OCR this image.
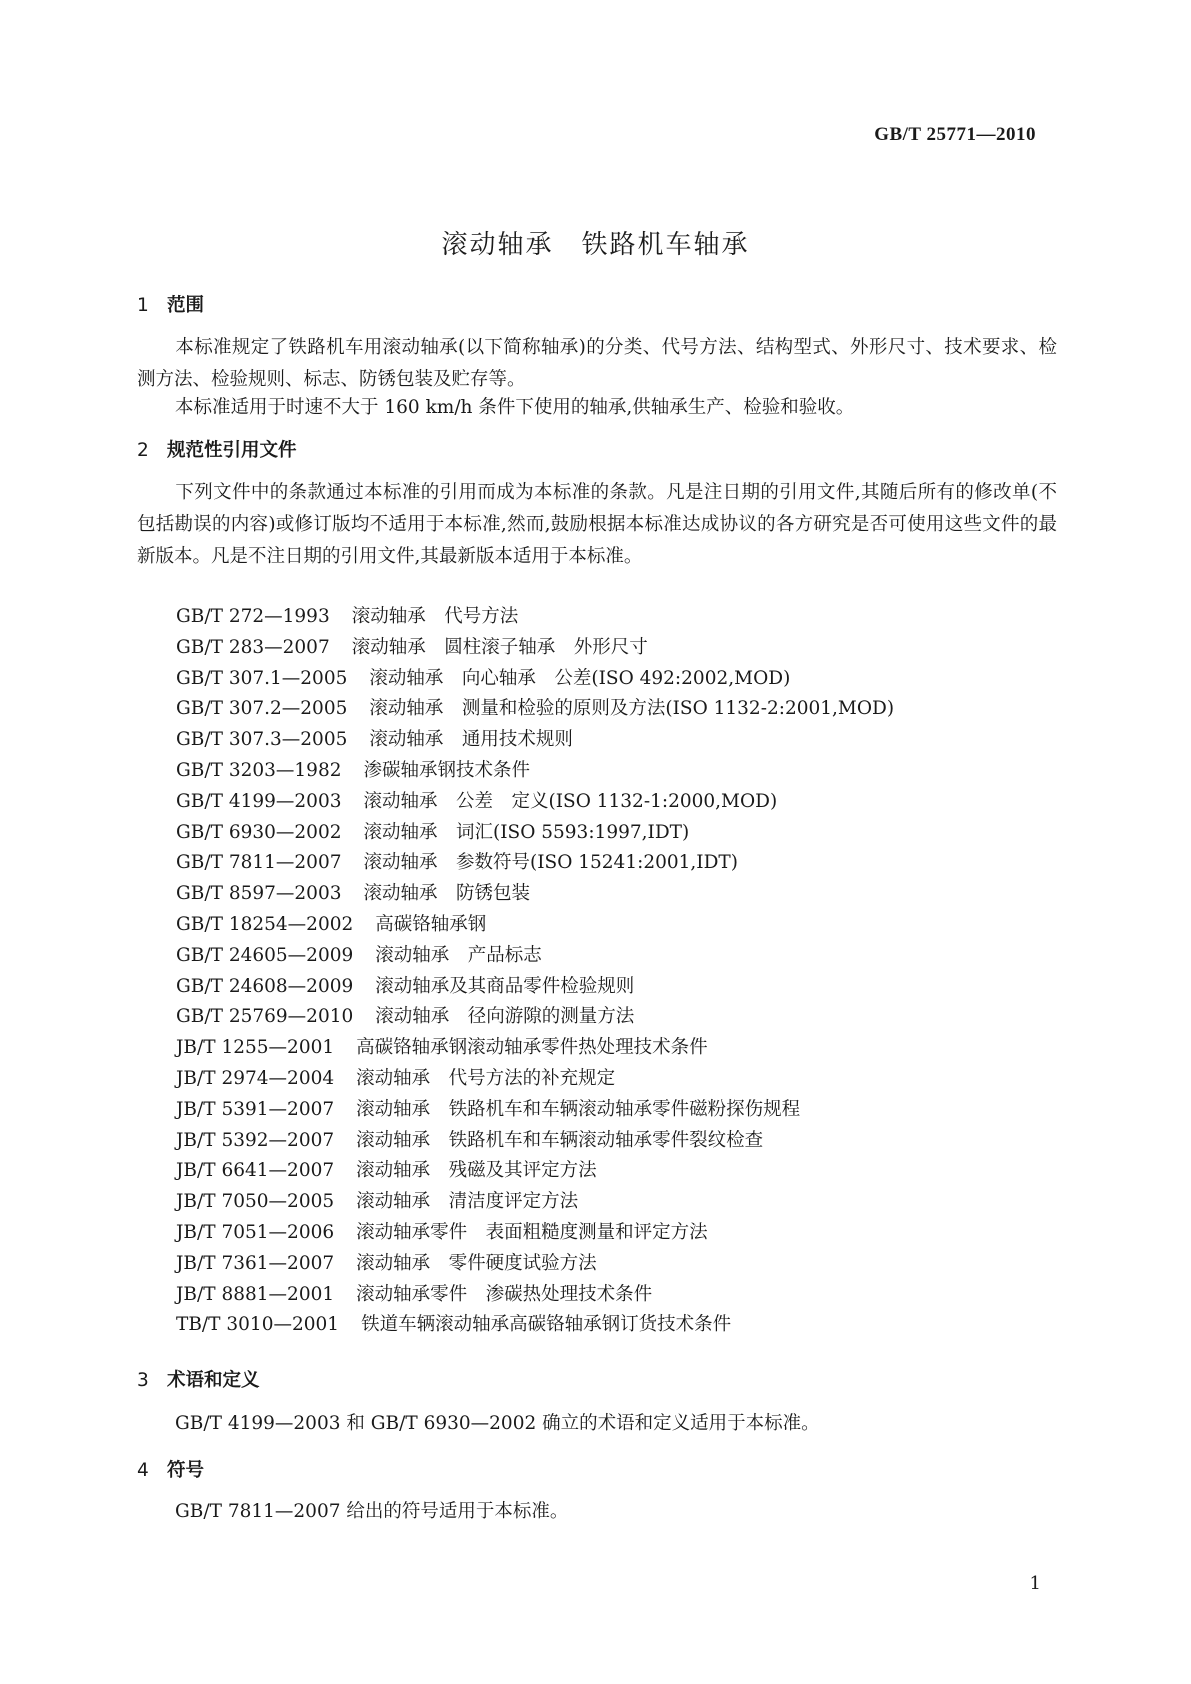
GB/T 25771—2010
滚动轴承　铁路机车轴承
1 范围
本标准规定了铁路机车用滚动轴承(以下简称轴承)的分类、代号方法、结构型式、外形尺寸、技术要求、检测方法、检验规则、标志、防锈包装及贮存等。
本标准适用于时速不大于 160 km/h 条件下使用的轴承,供轴承生产、检验和验收。
2 规范性引用文件
下列文件中的条款通过本标准的引用而成为本标准的条款。凡是注日期的引用文件,其随后所有的修改单(不包括勘误的内容)或修订版均不适用于本标准,然而,鼓励根据本标准达成协议的各方研究是否可使用这些文件的最新版本。凡是不注日期的引用文件,其最新版本适用于本标准。
GB/T 272—1993 滚动轴承　代号方法
GB/T 283—2007 滚动轴承　圆柱滚子轴承　外形尺寸
GB/T 307.1—2005 滚动轴承　向心轴承　公差(ISO 492:2002,MOD)
GB/T 307.2—2005 滚动轴承　测量和检验的原则及方法(ISO 1132-2:2001,MOD)
GB/T 307.3—2005 滚动轴承　通用技术规则
GB/T 3203—1982 渗碳轴承钢技术条件
GB/T 4199—2003 滚动轴承　公差　定义(ISO 1132-1:2000,MOD)
GB/T 6930—2002 滚动轴承　词汇(ISO 5593:1997,IDT)
GB/T 7811—2007 滚动轴承　参数符号(ISO 15241:2001,IDT)
GB/T 8597—2003 滚动轴承　防锈包装
GB/T 18254—2002 高碳铬轴承钢
GB/T 24605—2009 滚动轴承　产品标志
GB/T 24608—2009 滚动轴承及其商品零件检验规则
GB/T 25769—2010 滚动轴承　径向游隙的测量方法
JB/T 1255—2001 高碳铬轴承钢滚动轴承零件热处理技术条件
JB/T 2974—2004 滚动轴承　代号方法的补充规定
JB/T 5391—2007 滚动轴承　铁路机车和车辆滚动轴承零件磁粉探伤规程
JB/T 5392—2007 滚动轴承　铁路机车和车辆滚动轴承零件裂纹检查
JB/T 6641—2007 滚动轴承　残磁及其评定方法
JB/T 7050—2005 滚动轴承　清洁度评定方法
JB/T 7051—2006 滚动轴承零件　表面粗糙度测量和评定方法
JB/T 7361—2007 滚动轴承　零件硬度试验方法
JB/T 8881—2001 滚动轴承零件　渗碳热处理技术条件
TB/T 3010—2001 铁道车辆滚动轴承高碳铬轴承钢订货技术条件
3 术语和定义
GB/T 4199—2003 和 GB/T 6930—2002 确立的术语和定义适用于本标准。
4 符号
GB/T 7811—2007 给出的符号适用于本标准。
1
